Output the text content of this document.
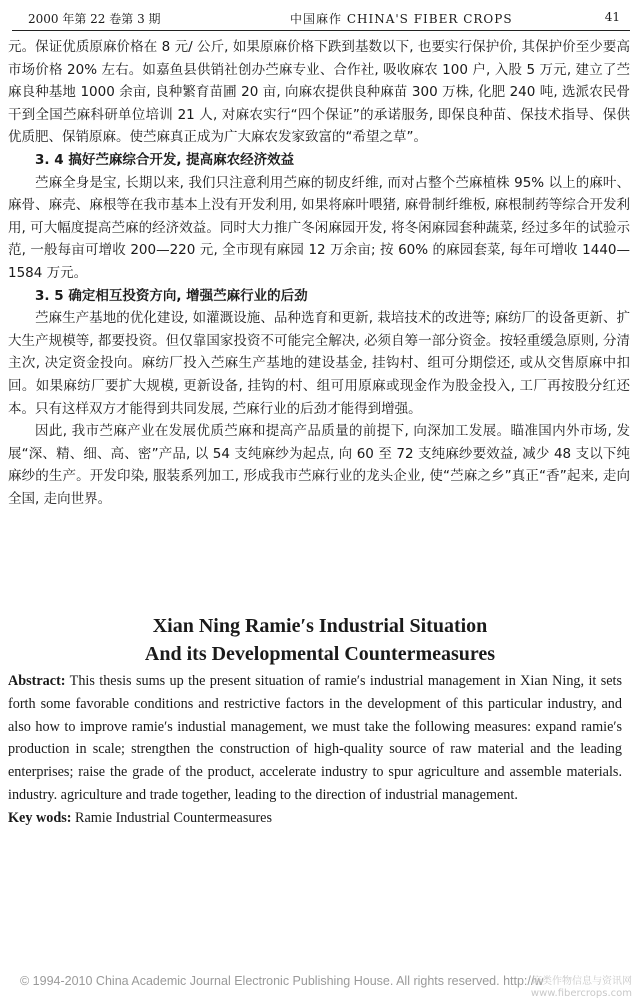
2000 年第 22 卷第 3 期	中国麻作 CHINA'S FIBER CROPS	41

元。保证优质原麻价格在 8 元/ 公斤, 如果原麻价格下跌到基数以下, 也要实行保护价, 其保护价至少要高市场价格 20% 左右。如嘉鱼县供销社创办苎麻专业、合作社, 吸收麻农 100 户, 入股 5 万元, 建立了苎麻良种基地 1000 余亩, 良种繁育苗圃 20 亩, 向麻农提供良种麻苗 300 万株, 化肥 240 吨, 选派农民骨干到全国苎麻科研单位培训 21 人, 对麻农实行“四个保证”的承诺服务, 即保良种苗、保技术指导、保供优质肥、保销原麻。使苎麻真正成为广大麻农发家致富的“希望之草”。

3. 4 搞好苎麻综合开发, 提高麻农经济效益

苎麻全身是宝, 长期以来, 我们只注意利用苎麻的韧皮纤维, 而对占整个苎麻植株 95% 以上的麻叶、麻骨、麻壳、麻根等在我市基本上没有开发利用, 如果将麻叶喂猪, 麻骨制纤维板, 麻根制药等综合开发利用, 可大幅度提高苎麻的经济效益。同时大力推广冬闲麻园开发, 将冬闲麻园套种蔬菜, 经过多年的试验示范, 一般每亩可增收 200—220 元, 全市现有麻园 12 万余亩; 按 60% 的麻园套菜, 每年可增收 1440—1584 万元。

3. 5 确定相互投资方向, 增强苎麻行业的后劲

苎麻生产基地的优化建设, 如灌溉设施、品种选育和更新, 栽培技术的改进等; 麻纺厂的设备更新、扩大生产规模等, 都要投资。但仅靠国家投资不可能完全解决, 必须自筹一部分资金。按轻重缓急原则, 分清主次, 决定资金投向。麻纺厂投入苎麻生产基地的建设基金, 挂钩村、组可分期偿还, 或从交售原麻中扣回。如果麻纺厂要扩大规模, 更新设备, 挂钩的村、组可用原麻或现金作为股金投入, 工厂再按股分红还本。只有这样双方才能得到共同发展, 苎麻行业的后劲才能得到增强。

因此, 我市苎麻产业在发展优质苎麻和提高产品质量的前提下, 向深加工发展。瞄准国内外市场, 发展“深、精、细、高、密”产品, 以 54 支纯麻纱为起点, 向 60 至 72 支纯麻纱要效益, 减少 48 支以下纯麻纱的生产。开发印染, 服装系列加工, 形成我市苎麻行业的龙头企业, 使“苎麻之乡”真正“香”起来, 走向全国, 走向世界。

Xian Ning Ramie′s Industrial Situation
And its Developmental Countermeasures
Abstract: This thesis sums up the present situation of ramie′s industrial management in Xian Ning, it sets forth some favorable conditions and restrictive factors in the development of this particular industry, and also how to improve ramie′s industial management, we must take the following measures: expand ramie′s production in scale; strengthen the construction of high-quality source of raw material and the leading enterprises; raise the grade of the product, accelerate industry to spur agriculture and assemble materials. industry. agriculture and trade together, leading to the direction of industrial management.
Key wods: Ramie Industrial Countermeasures
© 1994-2010 China Academic Journal Electronic Publishing House. All rights reserved. http://w
麻类作物信息与资讯网
www.fibercrops.com
